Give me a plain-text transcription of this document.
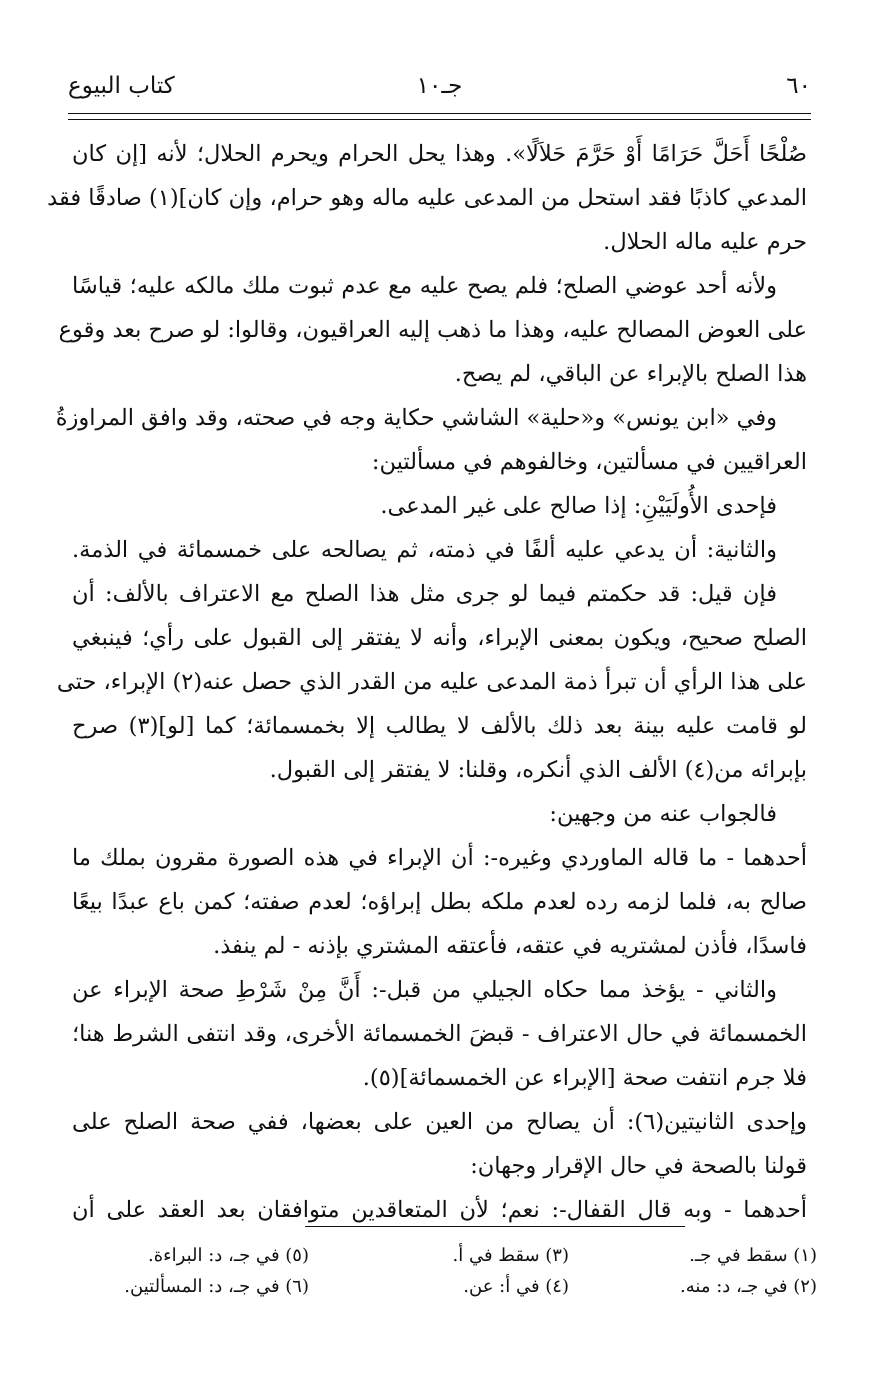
٦٠
جـ١٠
كتاب البيوع
صُلْحًا أَحَلَّ حَرَامًا أَوْ حَرَّمَ حَلاَلًا». وهذا يحل الحرام ويحرم الحلال؛ لأنه [إن كان
المدعي كاذبًا فقد استحل من المدعى عليه ماله وهو حرام، وإن كان](١) صادقًا فقد
حرم عليه ماله الحلال.
ولأنه أحد عوضي الصلح؛ فلم يصح عليه مع عدم ثبوت ملك مالكه عليه؛ قياسًا
على العوض المصالح عليه، وهذا ما ذهب إليه العراقيون، وقالوا: لو صرح بعد وقوع
هذا الصلح بالإبراء عن الباقي، لم يصح.
وفي «ابن يونس» و«حلية» الشاشي حكاية وجه في صحته، وقد وافق المراوزةُ
العراقيين في مسألتين، وخالفوهم في مسألتين:
فإحدى الأُولَيَيْنِ: إذا صالح على غير المدعى.
والثانية: أن يدعي عليه ألفًا في ذمته، ثم يصالحه على خمسمائة في الذمة.
فإن قيل: قد حكمتم فيما لو جرى مثل هذا الصلح مع الاعتراف بالألف: أن
الصلح صحيح، ويكون بمعنى الإبراء، وأنه لا يفتقر إلى القبول على رأي؛ فينبغي
على هذا الرأي أن تبرأ ذمة المدعى عليه من القدر الذي حصل عنه(٢) الإبراء، حتى
لو قامت عليه بينة بعد ذلك بالألف لا يطالب إلا بخمسمائة؛ كما [لو](٣) صرح
بإبرائه من(٤) الألف الذي أنكره، وقلنا: لا يفتقر إلى القبول.
فالجواب عنه من وجهين:
أحدهما - ما قاله الماوردي وغيره-: أن الإبراء في هذه الصورة مقرون بملك ما
صالح به، فلما لزمه رده لعدم ملكه بطل إبراؤه؛ لعدم صفته؛ كمن باع عبدًا بيعًا
فاسدًا، فأذن لمشتريه في عتقه، فأعتقه المشتري بإذنه - لم ينفذ.
والثاني - يؤخذ مما حكاه الجيلي من قبل-: أَنَّ مِنْ شَرْطِ صحة الإبراء عن
الخمسمائة في حال الاعتراف - قبضَ الخمسمائة الأخرى، وقد انتفى الشرط هنا؛
فلا جرم انتفت صحة [الإبراء عن الخمسمائة](٥).
وإحدى الثانيتين(٦): أن يصالح من العين على بعضها، ففي صحة الصلح على
قولنا بالصحة في حال الإقرار وجهان:
أحدهما - وبه قال القفال-: نعم؛ لأن المتعاقدين متوافقان بعد العقد على أن
(١) سقط في جـ.
(٢) في جـ، د: منه.
(٣) سقط في أ.
(٤) في أ: عن.
(٥) في جـ، د: البراءة.
(٦) في جـ، د: المسألتين.
